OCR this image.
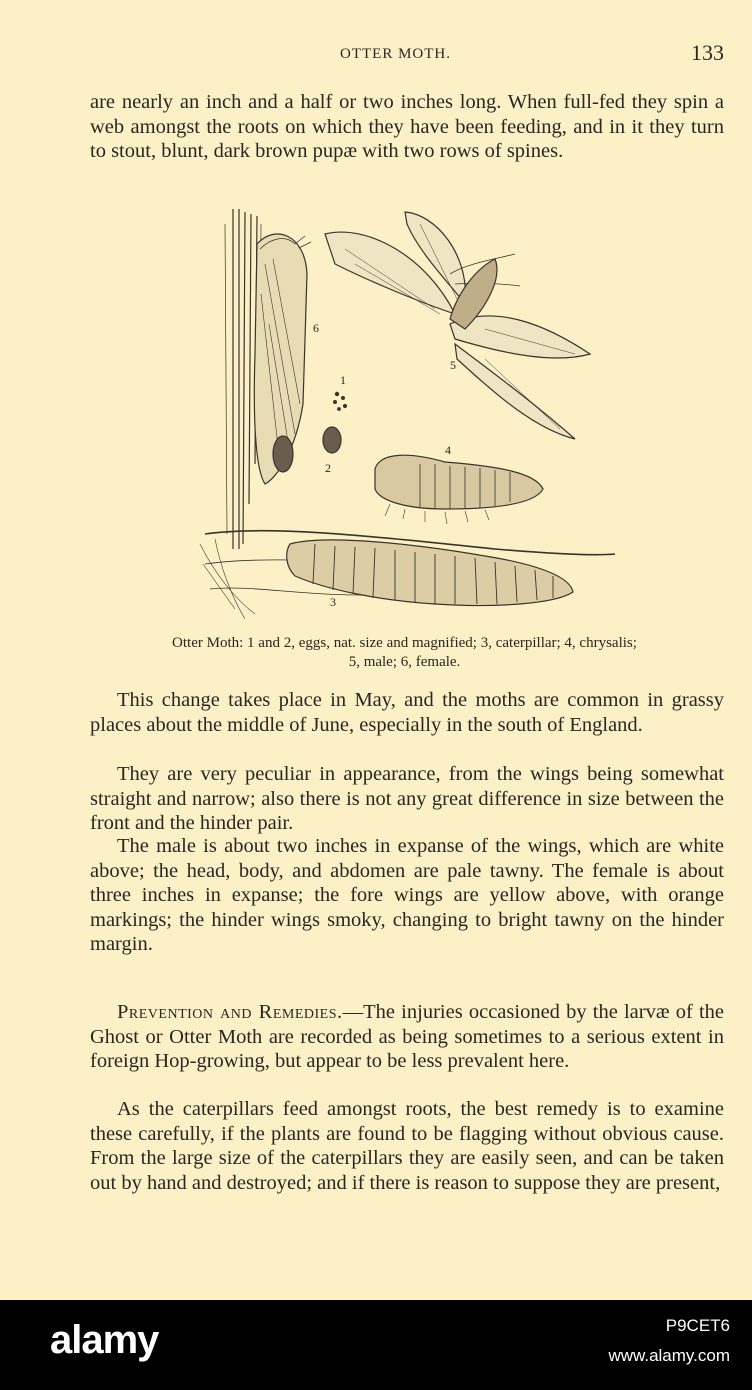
OTTER MOTH.	133

are nearly an inch and a half or two inches long. When full-fed they spin a web amongst the roots on which they have been feeding, and in it they turn to stout, blunt, dark brown pupæ with two rows of spines.

1
2
3
4
5
6

Otter Moth: 1 and 2, eggs, nat. size and magnified; 3, caterpillar; 4, chrysalis;
5, male; 6, female.

This change takes place in May, and the moths are common in grassy places about the middle of June, especially in the south of England.

They are very peculiar in appearance, from the wings being somewhat straight and narrow; also there is not any great difference in size between the front and the hinder pair.

The male is about two inches in expanse of the wings, which are white above; the head, body, and abdomen are pale tawny. The female is about three inches in expanse; the fore wings are yellow above, with orange markings; the hinder wings smoky, changing to bright tawny on the hinder margin.

Prevention and Remedies.—The injuries occasioned by the larvæ of the Ghost or Otter Moth are recorded as being sometimes to a serious extent in foreign Hop-growing, but appear to be less prevalent here.

As the caterpillars feed amongst roots, the best remedy is to examine these carefully, if the plants are found to be flagging without obvious cause. From the large size of the caterpillars they are easily seen, and can be taken out by hand and destroyed; and if there is reason to suppose they are present,

alamy	P9CET6
www.alamy.com
